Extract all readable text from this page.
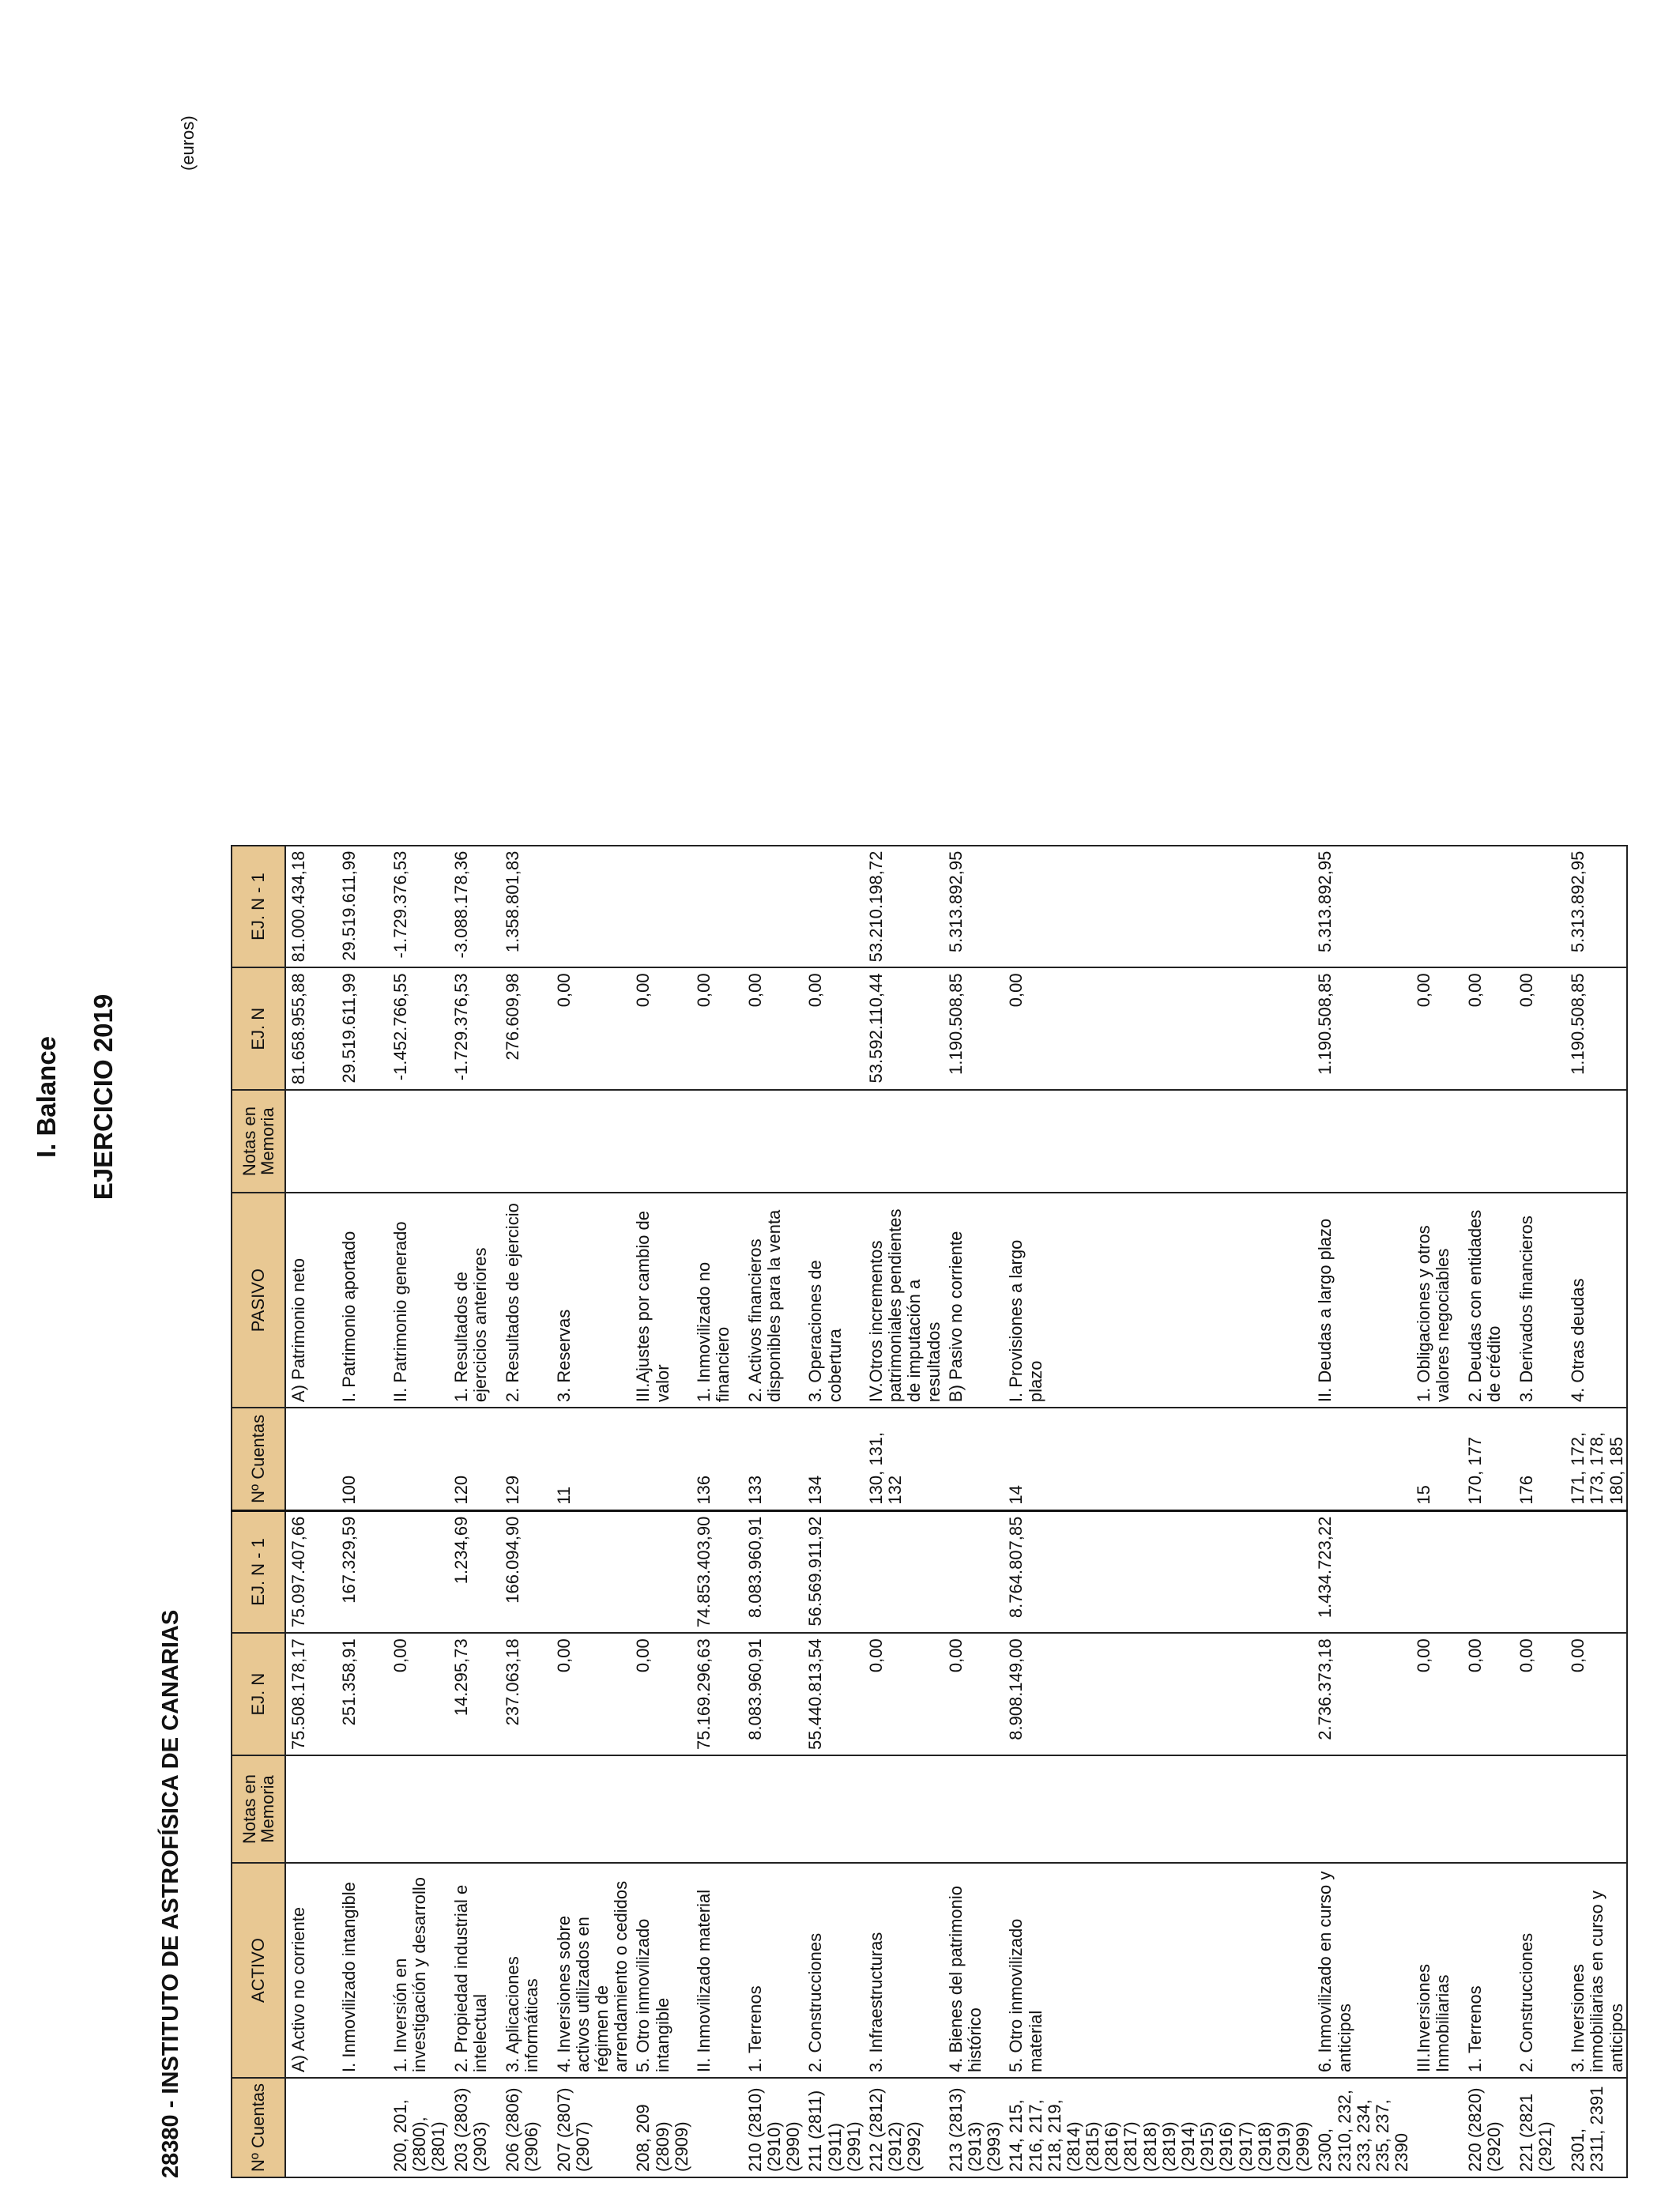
I. Balance EJERCICIO 2019
28380 - INSTITUTO DE ASTROFÍSICA DE CANARIAS
(euros)
Nº Cuentas	ACTIVO	Notas en Memoria	EJ. N	EJ. N - 1	Nº Cuentas	PASIVO	Notas en Memoria	EJ. N	EJ. N - 1
	A) Activo no corriente		75.508.178,17	75.097.407,66		A) Patrimonio neto		81.658.955,88	81.000.434,18
	I. Inmovilizado intangible		251.358,91	167.329,59	100	I. Patrimonio aportado		29.519.611,99	29.519.611,99
200, 201, (2800), (2801)	1. Inversión en investigación y desarrollo		0,00			II. Patrimonio generado		-1.452.766,55	-1.729.376,53
203 (2803) (2903)	2. Propiedad industrial e intelectual		14.295,73	1.234,69	120	1. Resultados de ejercicios anteriores		-1.729.376,53	-3.088.178,36
206 (2806) (2906)	3. Aplicaciones informáticas		237.063,18	166.094,90	129	2. Resultados de ejercicio		276.609,98	1.358.801,83
207 (2807) (2907)	4. Inversiones sobre activos utilizados en régimen de arrendamiento o cedidos		0,00		11	3. Reservas		0,00	
208, 209 (2809) (2909)	5. Otro inmovilizado intangible		0,00			III.Ajustes por cambio de valor		0,00	
	II. Inmovilizado material		75.169.296,63	74.853.403,90	136	1. Inmovilizado no financiero		0,00	
210 (2810) (2910) (2990)	1. Terrenos		8.083.960,91	8.083.960,91	133	2. Activos financieros disponibles para la venta		0,00	
211 (2811) (2911) (2991)	2. Construcciones		55.440.813,54	56.569.911,92	134	3. Operaciones de cobertura		0,00	
212 (2812) (2912) (2992)	3. Infraestructuras		0,00		130, 131, 132	IV.Otros incrementos patrimoniales pendientes de imputación a resultados		53.592.110,44	53.210.198,72
213 (2813) (2913) (2993)	4. Bienes del patrimonio histórico		0,00			B) Pasivo no corriente		1.190.508,85	5.313.892,95
214, 215, 216, 217, 218, 219, (2814) (2815) (2816) (2817) (2818) (2819) (2914) (2915) (2916) (2917) (2918) (2919) (2999)	5. Otro inmovilizado material		8.908.149,00	8.764.807,85	14	I. Provisiones a largo plazo		0,00	
2300, 2310, 232, 233, 234, 235, 237, 2390	6. Inmovilizado en curso y anticipos		2.736.373,18	1.434.723,22		II. Deudas a largo plazo		1.190.508,85	5.313.892,95
	III.Inversiones Inmobiliarias		0,00		15	1. Obligaciones y otros valores negociables		0,00	
220 (2820) (2920)	1. Terrenos		0,00		170, 177	2. Deudas con entidades de crédito		0,00	
221 (2821 (2921)	2. Construcciones		0,00		176	3. Derivados financieros		0,00	
2301, 2311, 2391	3. Inversiones inmobiliarias en curso y anticipos		0,00		171, 172, 173, 178, 180, 185	4. Otras deudas		1.190.508,85	5.313.892,95
